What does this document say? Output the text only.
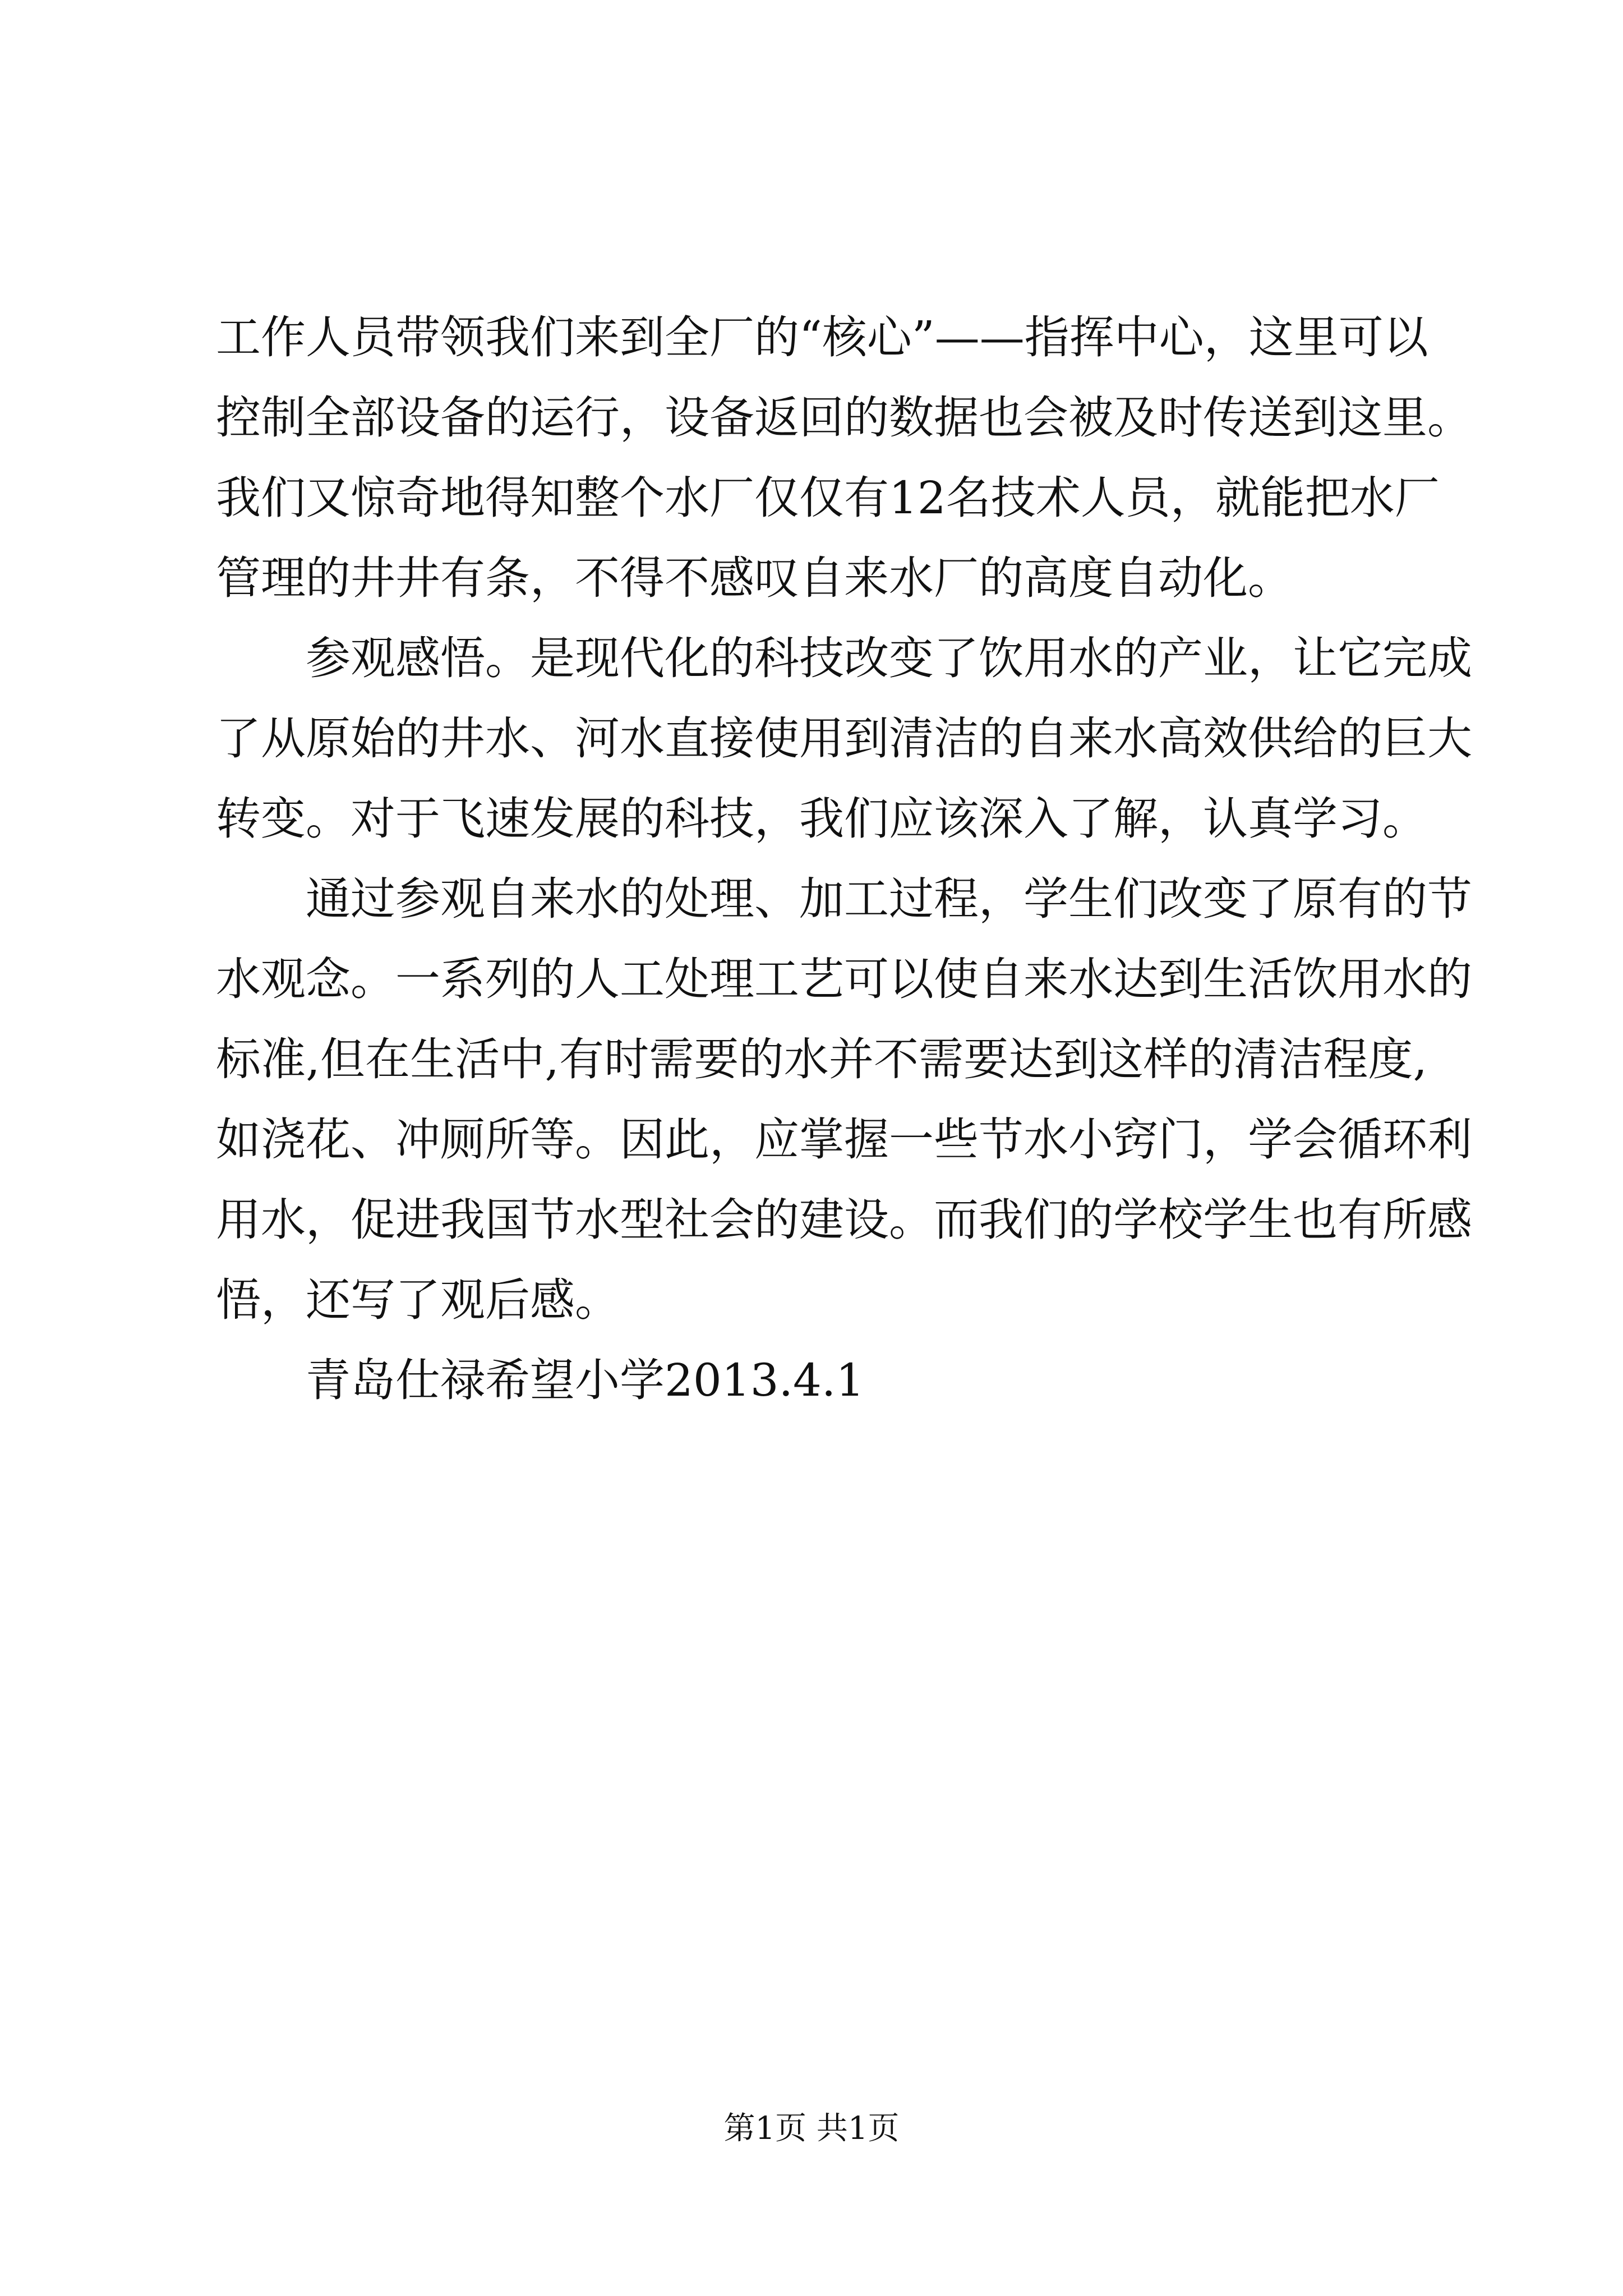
工作人员带领我们来到全厂的“核心”——指挥中心，这里可以
控制全部设备的运行，设备返回的数据也会被及时传送到这里。
我们又惊奇地得知整个水厂仅仅有12名技术人员，就能把水厂
管理的井井有条，不得不感叹自来水厂的高度自动化。
参观感悟。是现代化的科技改变了饮用水的产业，让它完成
了从原始的井水、河水直接使用到清洁的自来水高效供给的巨大
转变。对于飞速发展的科技，我们应该深入了解，认真学习。
通过参观自来水的处理、加工过程，学生们改变了原有的节
水观念。一系列的人工处理工艺可以使自来水达到生活饮用水的
标准,但在生活中,有时需要的水并不需要达到这样的清洁程度,
如浇花、冲厕所等。因此，应掌握一些节水小窍门，学会循环利
用水，促进我国节水型社会的建设。而我们的学校学生也有所感
悟，还写了观后感。
青岛仕禄希望小学2013.4.1
第1页 共1页
